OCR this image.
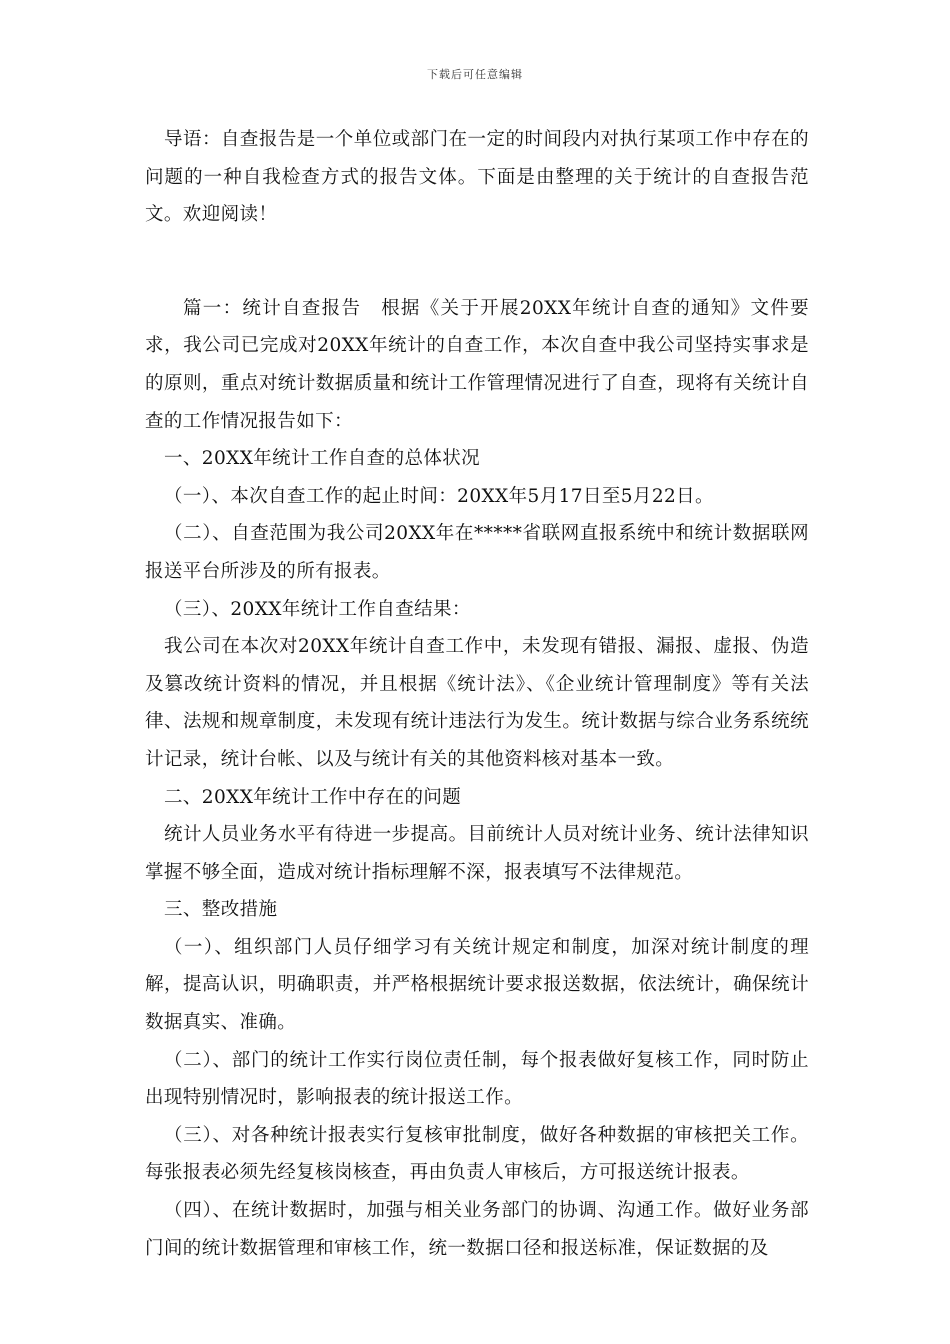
下载后可任意编辑

导语：自查报告是一个单位或部门在一定的时间段内对执行某项工作中存在的问题的一种自我检查方式的报告文体。下面是由整理的关于统计的自查报告范文。欢迎阅读！

篇一：统计自查报告　根据《关于开展20XX年统计自查的通知》文件要求，我公司已完成对20XX年统计的自查工作，本次自查中我公司坚持实事求是的原则，重点对统计数据质量和统计工作管理情况进行了自查，现将有关统计自查的工作情况报告如下：

一、20XX年统计工作自查的总体状况

（一）、本次自查工作的起止时间：20XX年5月17日至5月22日。

（二）、自查范围为我公司20XX年在*****省联网直报系统中和统计数据联网报送平台所涉及的所有报表。

（三）、20XX年统计工作自查结果：

我公司在本次对20XX年统计自查工作中，未发现有错报、漏报、虚报、伪造及篡改统计资料的情况，并且根据《统计法》、《企业统计管理制度》等有关法律、法规和规章制度，未发现有统计违法行为发生。统计数据与综合业务系统统计记录，统计台帐、以及与统计有关的其他资料核对基本一致。

二、20XX年统计工作中存在的问题

统计人员业务水平有待进一步提高。目前统计人员对统计业务、统计法律知识掌握不够全面，造成对统计指标理解不深，报表填写不法律规范。

三、整改措施

（一）、组织部门人员仔细学习有关统计规定和制度，加深对统计制度的理解，提高认识，明确职责，并严格根据统计要求报送数据，依法统计，确保统计数据真实、准确。

（二）、部门的统计工作实行岗位责任制，每个报表做好复核工作，同时防止出现特别情况时，影响报表的统计报送工作。

（三）、对各种统计报表实行复核审批制度，做好各种数据的审核把关工作。每张报表必须先经复核岗核查，再由负责人审核后，方可报送统计报表。

（四）、在统计数据时，加强与相关业务部门的协调、沟通工作。做好业务部门间的统计数据管理和审核工作，统一数据口径和报送标准，保证数据的及
